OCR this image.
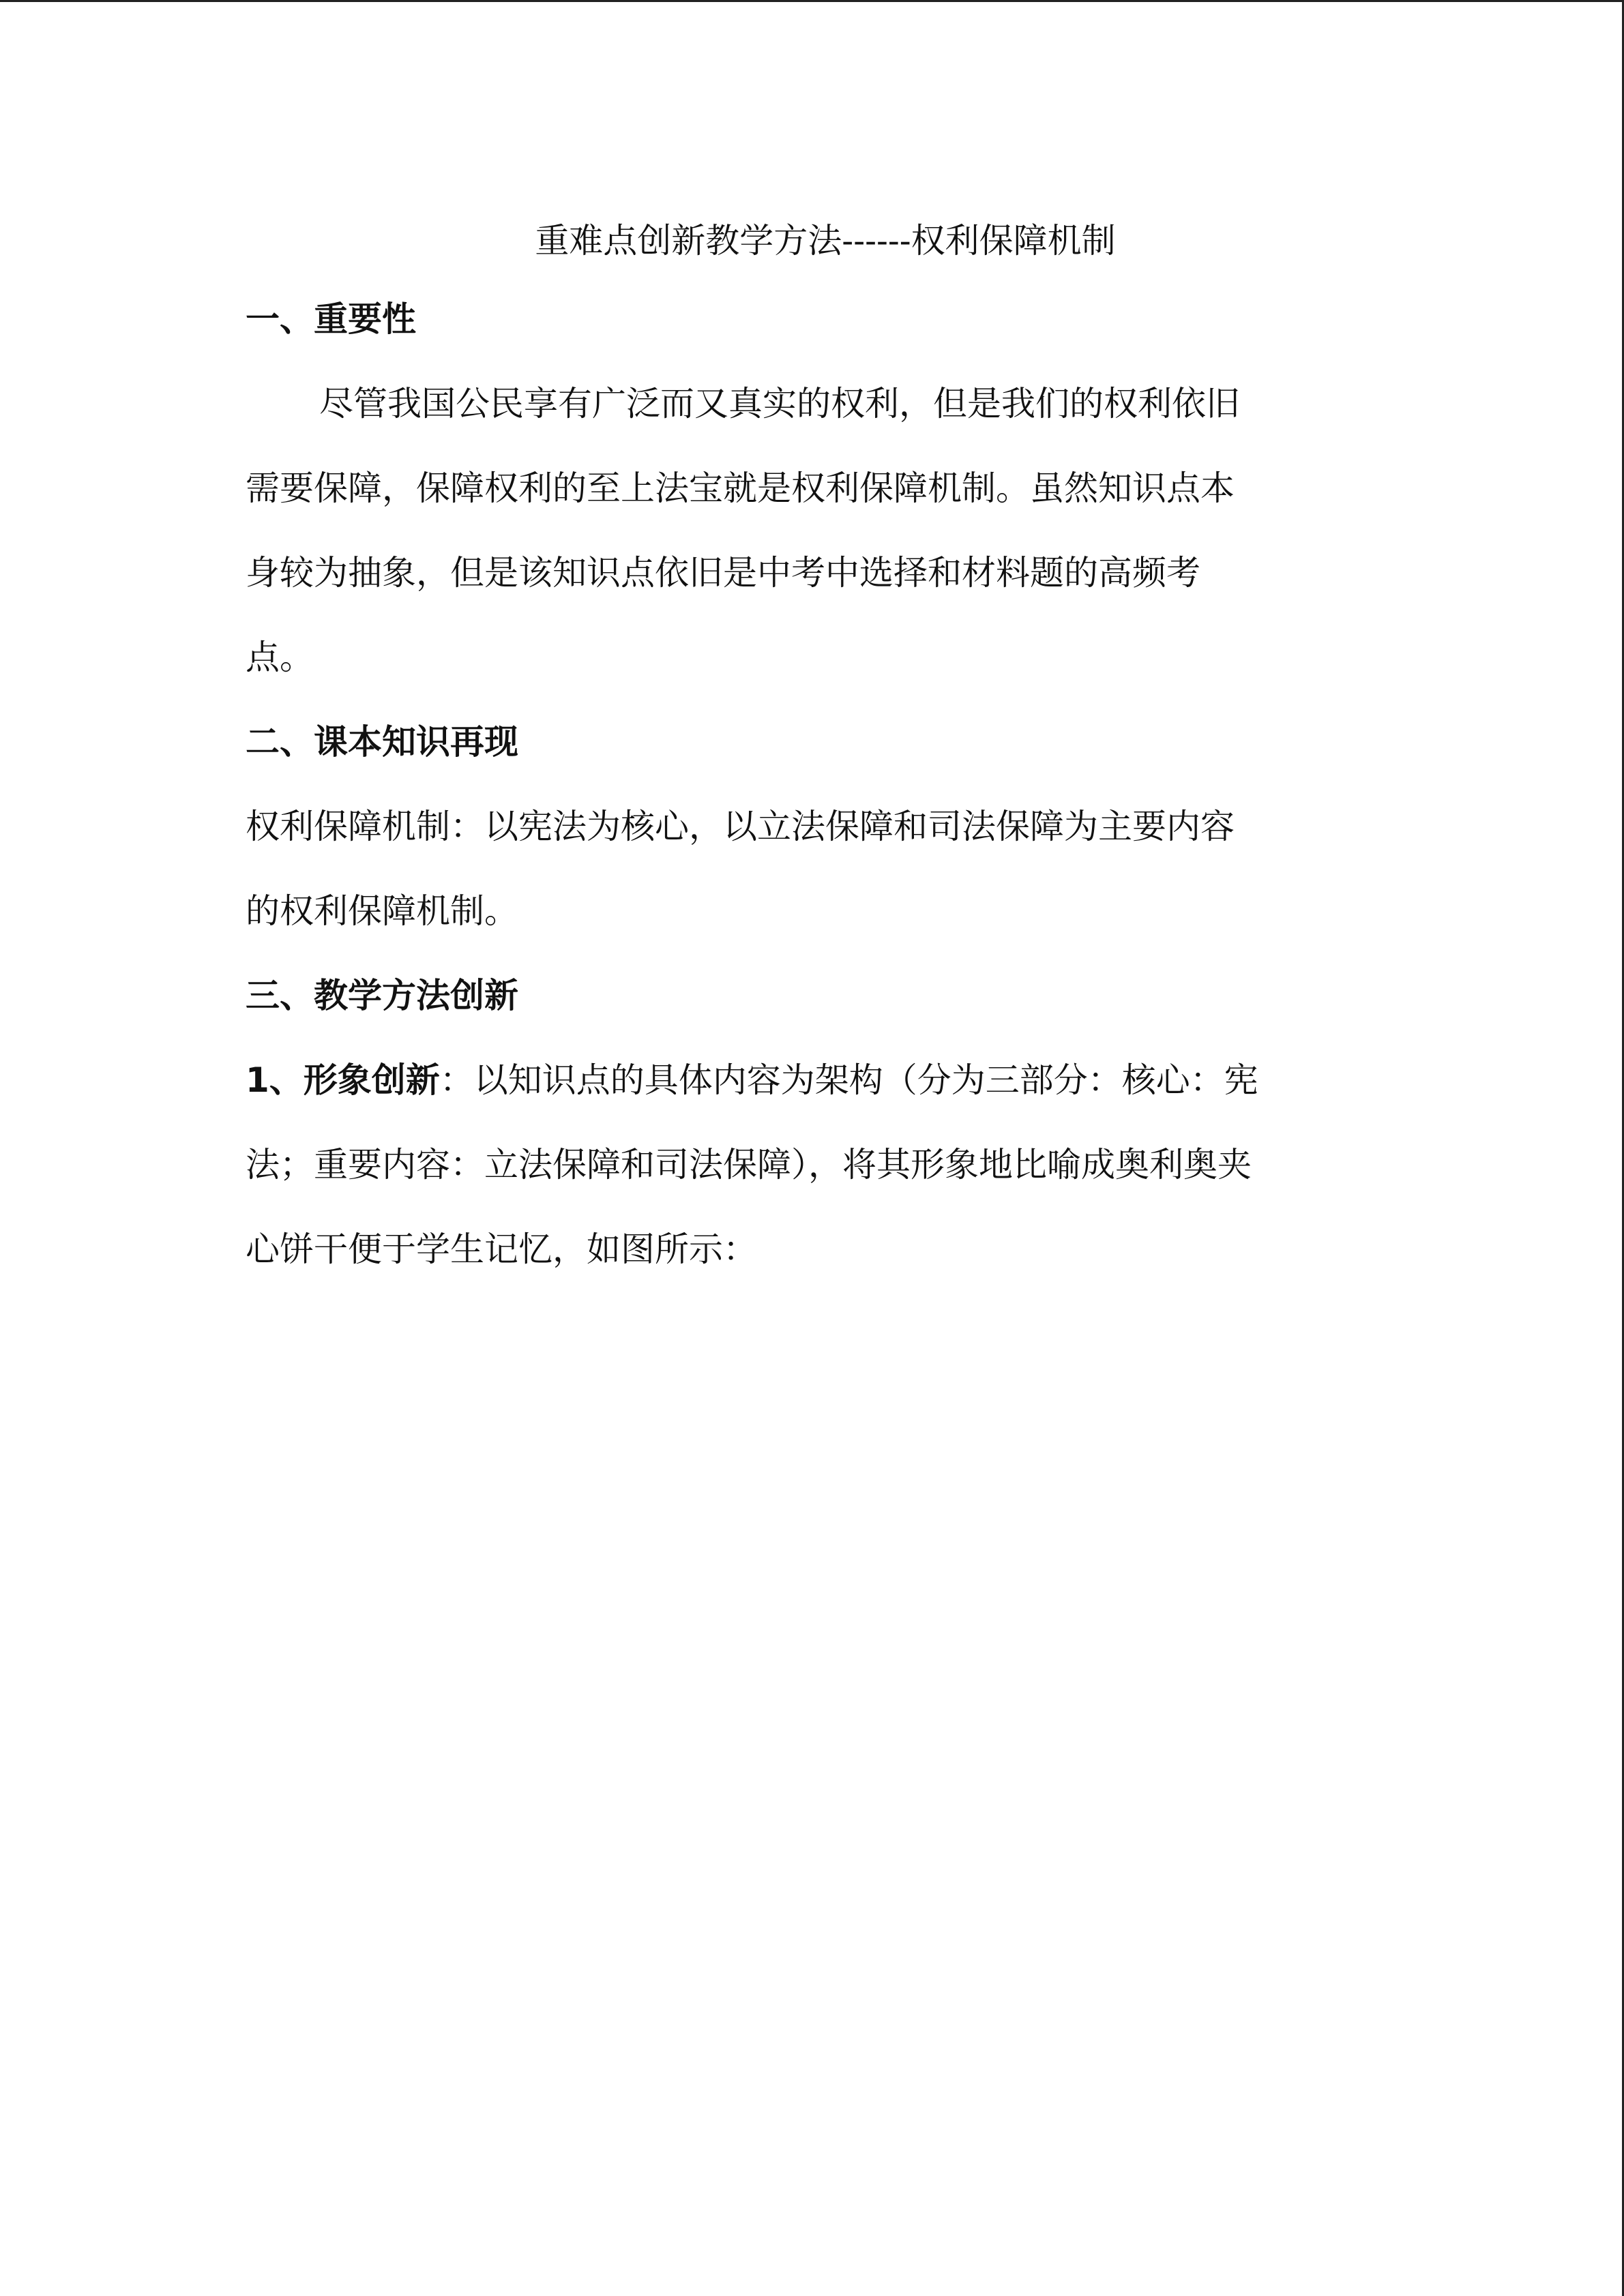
重难点创新教学方法------权利保障机制

一、重要性

尽管我国公民享有广泛而又真实的权利，但是我们的权利依旧
需要保障，保障权利的至上法宝就是权利保障机制。虽然知识点本
身较为抽象，但是该知识点依旧是中考中选择和材料题的高频考
点。

二、课本知识再现

权利保障机制：以宪法为核心，以立法保障和司法保障为主要内容
的权利保障机制。

三、教学方法创新

1、形象创新：以知识点的具体内容为架构（分为三部分：核心：宪
法；重要内容：立法保障和司法保障），将其形象地比喻成奥利奥夹
心饼干便于学生记忆，如图所示：
